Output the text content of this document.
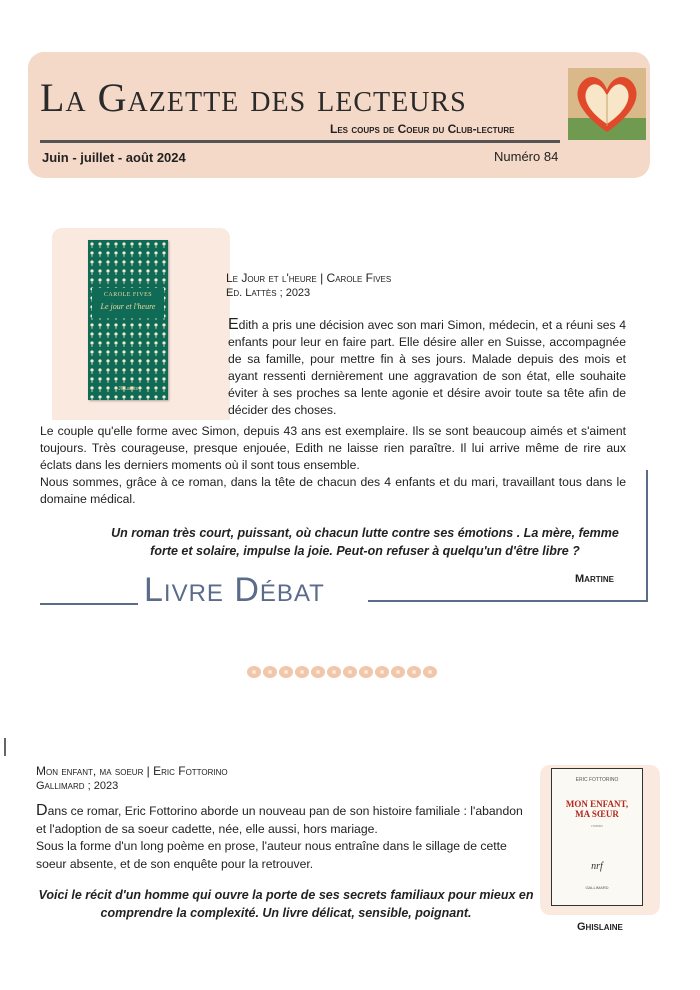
La Gazette des lecteurs
Les coups de Coeur du Club-lecture
Juin - juillet - août 2024	Numéro 84
CAROLE FIVES
Le jour et l'heure
JCLattès
Le Jour et l'heure | Carole Fives
Ed. Lattès ; 2023

Edith a pris une décision avec son mari Simon, médecin, et a réuni ses 4 enfants pour leur en faire part. Elle désire aller en Suisse, accompagnée de sa famille, pour mettre fin à ses jours. Malade depuis des mois et ayant ressenti dernièrement une aggravation de son état, elle souhaite éviter à ses proches sa lente agonie et désire avoir toute sa tête afin de décider des choses.

Le couple qu'elle forme avec Simon, depuis 43 ans est exemplaire. Ils se sont beaucoup aimés et s'aiment toujours. Très courageuse, presque enjouée, Edith ne laisse rien paraître. Il lui arrive même de rire aux éclats dans les derniers moments où il sont tous ensemble.

Nous sommes, grâce à ce roman, dans la tête de chacun des 4 enfants et du mari, travaillant tous dans le domaine médical.

Un roman très court, puissant, où chacun lutte contre ses émotions . La mère, femme forte et solaire, impulse la joie. Peut-on refuser à quelqu'un d'être libre ?

Martine
Livre Débat
Mon enfant, ma soeur | Eric Fottorino
Gallimard ; 2023
Dans ce romar, Eric Fottorino aborde un nouveau pan de son histoire familiale : l'abandon et l'adoption de sa soeur cadette, née, elle aussi, hors mariage.
Sous la forme d'un long poème en prose, l'auteur nous entraîne dans le sillage de cette soeur absente, et de son enquête pour la retrouver.

Voici le récit d'un homme qui ouvre la porte de ses secrets familiaux pour mieux en comprendre la complexité. Un livre délicat, sensible, poignant.

ERIC FOTTORINO
MON ENFANT,
MA SŒUR
roman
nrf
GALLIMARD
Ghislaine
